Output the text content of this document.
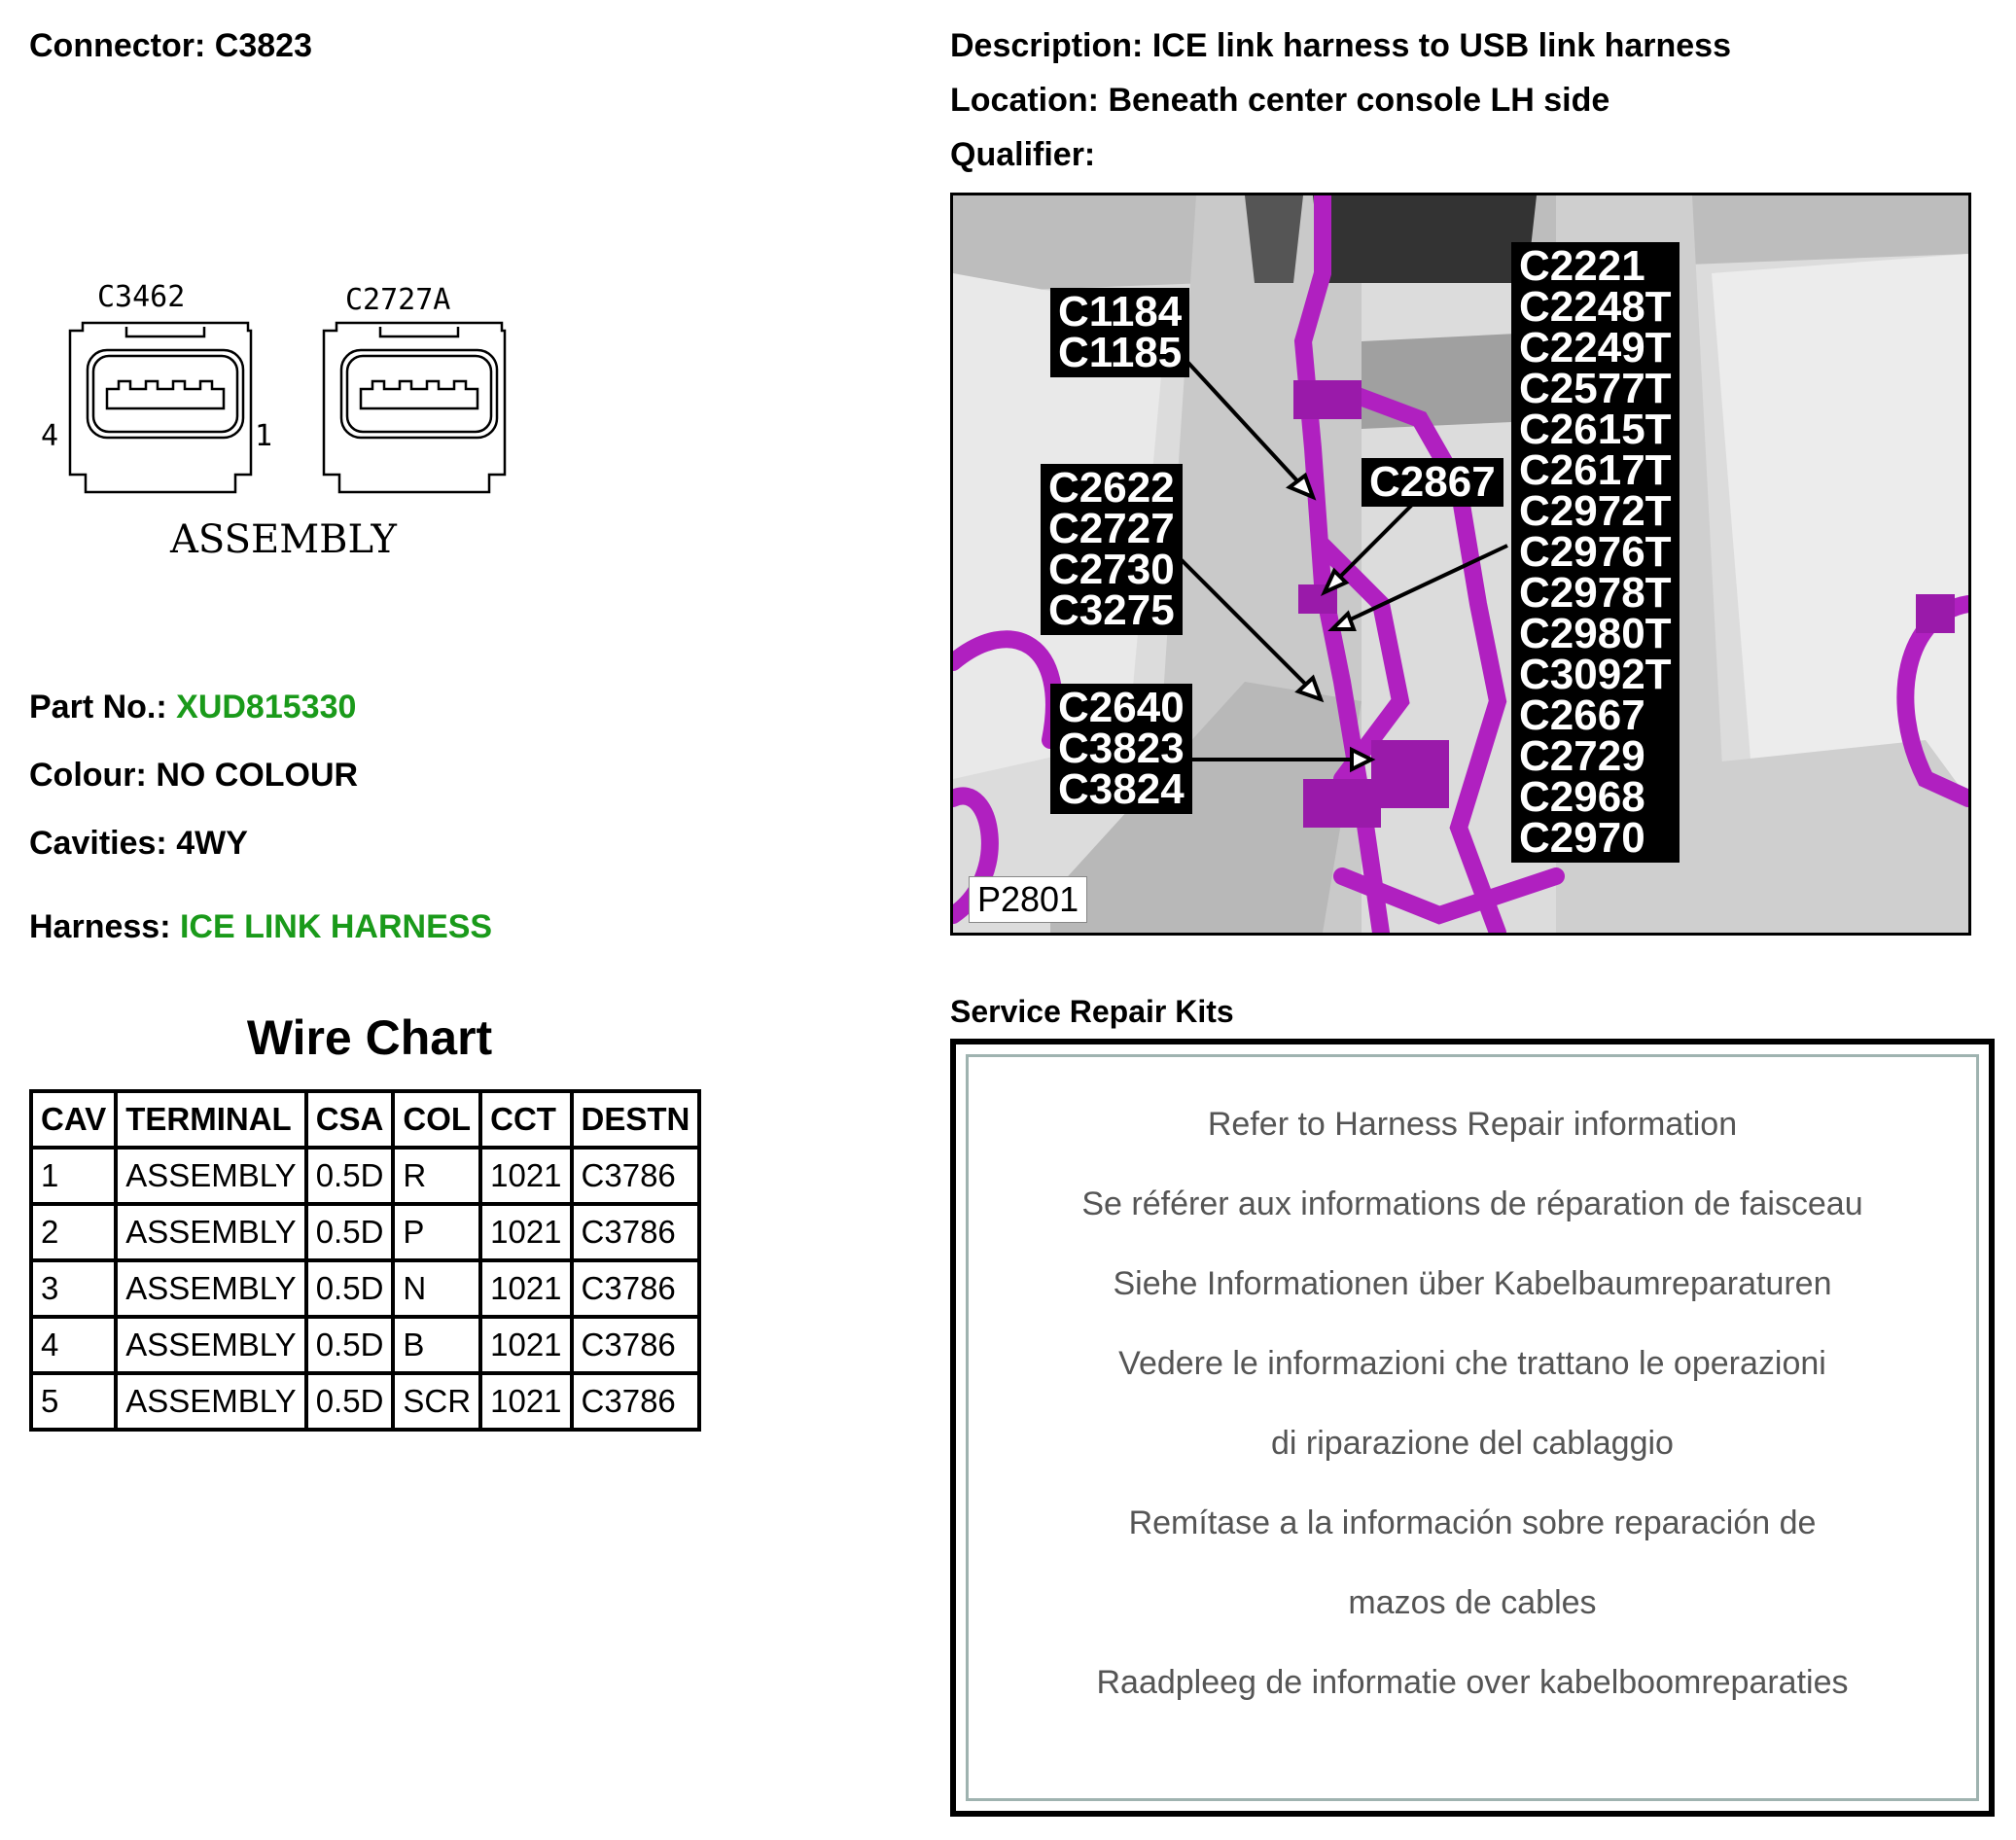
Connector: C3823	Description: ICE link harness to USB link harness
Location: Beneath center console LH side
Qualifier:
C3462	C2727A
4	1
ASSEMBLY
Part No.: XUD815330
Colour: NO COLOUR
Cavities: 4WY
Harness: ICE LINK HARNESS
Wire Chart
CAV	TERMINAL	CSA	COL	CCT	DESTN
1	ASSEMBLY	0.5D	R	1021	C3786
2	ASSEMBLY	0.5D	P	1021	C3786
3	ASSEMBLY	0.5D	N	1021	C3786
4	ASSEMBLY	0.5D	B	1021	C3786
5	ASSEMBLY	0.5D	SCR	1021	C3786
C1184
C1185
C2622
C2727
C2730
C3275
C2640
C3823
C3824
C2867
C2221
C2248T
C2249T
C2577T
C2615T
C2617T
C2972T
C2976T
C2978T
C2980T
C3092T
C2667
C2729
C2968
C2970
P2801
Service Repair Kits
Refer to Harness Repair information
Se référer aux informations de réparation de faisceau
Siehe Informationen über Kabelbaumreparaturen
Vedere le informazioni che trattano le operazioni
di riparazione del cablaggio
Remítase a la información sobre reparación de
mazos de cables
Raadpleeg de informatie over kabelboomreparaties
